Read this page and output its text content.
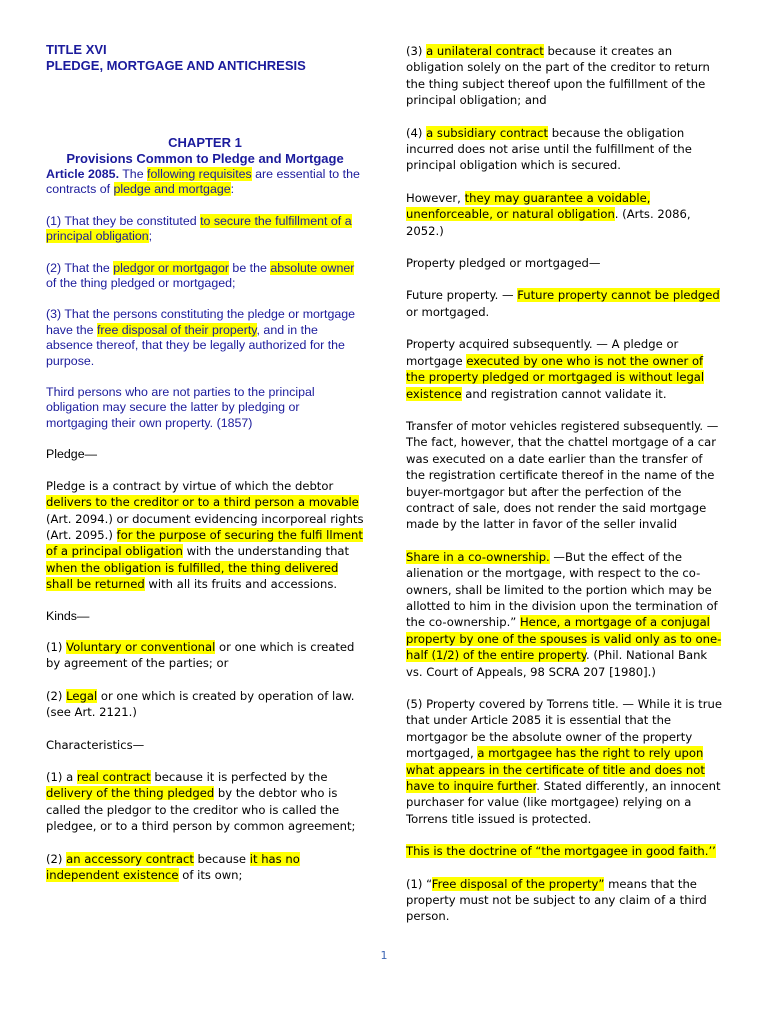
TITLE XVI
PLEDGE, MORTGAGE AND ANTICHRESIS
CHAPTER 1
Provisions Common to Pledge and Mortgage

Article 2085. The following requisites are essential to the contracts of pledge and mortgage:

(1) That they be constituted to secure the fulfillment of a principal obligation;

(2) That the pledgor or mortgagor be the absolute owner of the thing pledged or mortgaged;

(3) That the persons constituting the pledge or mortgage have the free disposal of their property, and in the absence thereof, that they be legally authorized for the purpose.

Third persons who are not parties to the principal obligation may secure the latter by pledging or mortgaging their own property. (1857)

Pledge—

Pledge is a contract by virtue of which the debtor delivers to the creditor or to a third person a movable (Art. 2094.) or document evidencing incorporeal rights (Art. 2095.) for the purpose of securing the fulfi llment of a principal obligation with the understanding that when the obligation is fulfilled, the thing delivered shall be returned with all its fruits and accessions.

Kinds—

(1) Voluntary or conventional or one which is created by agreement of the parties; or

(2) Legal or one which is created by operation of law. (see Art. 2121.)

Characteristics—

(1) a real contract because it is perfected by the delivery of the thing pledged by the debtor who is called the pledgor to the creditor who is called the pledgee, or to a third person by common agreement;

(2) an accessory contract because it has no independent existence of its own;

(3) a unilateral contract because it creates an obligation solely on the part of the creditor to return the thing subject thereof upon the fulfillment of the principal obligation; and

(4) a subsidiary contract because the obligation incurred does not arise until the fulfillment of the principal obligation which is secured.

However, they may guarantee a voidable, unenforceable, or natural obligation. (Arts. 2086, 2052.)

Property pledged or mortgaged—

Future property. — Future property cannot be pledged or mortgaged.

Property acquired subsequently. — A pledge or mortgage executed by one who is not the owner of the property pledged or mortgaged is without legal existence and registration cannot validate it.

Transfer of motor vehicles registered subsequently. — The fact, however, that the chattel mortgage of a car was executed on a date earlier than the transfer of the registration certificate thereof in the name of the buyer-mortgagor but after the perfection of the contract of sale, does not render the said mortgage made by the latter in favor of the seller invalid

Share in a co-ownership. —But the effect of the alienation or the mortgage, with respect to the co-owners, shall be limited to the portion which may be allotted to him in the division upon the termination of the co-ownership.” Hence, a mortgage of a conjugal property by one of the spouses is valid only as to one-half (1/2) of the entire property. (Phil. National Bank vs. Court of Appeals, 98 SCRA 207 [1980].)

(5) Property covered by Torrens title. — While it is true that under Article 2085 it is essential that the mortgagor be the absolute owner of the property mortgaged, a mortgagee has the right to rely upon what appears in the certificate of title and does not have to inquire further. Stated differently, an innocent purchaser for value (like mortgagee) relying on a Torrens title issued is protected.

This is the doctrine of “the mortgagee in good faith.’’

(1) “Free disposal of the property” means that the property must not be subject to any claim of a third person.

1
